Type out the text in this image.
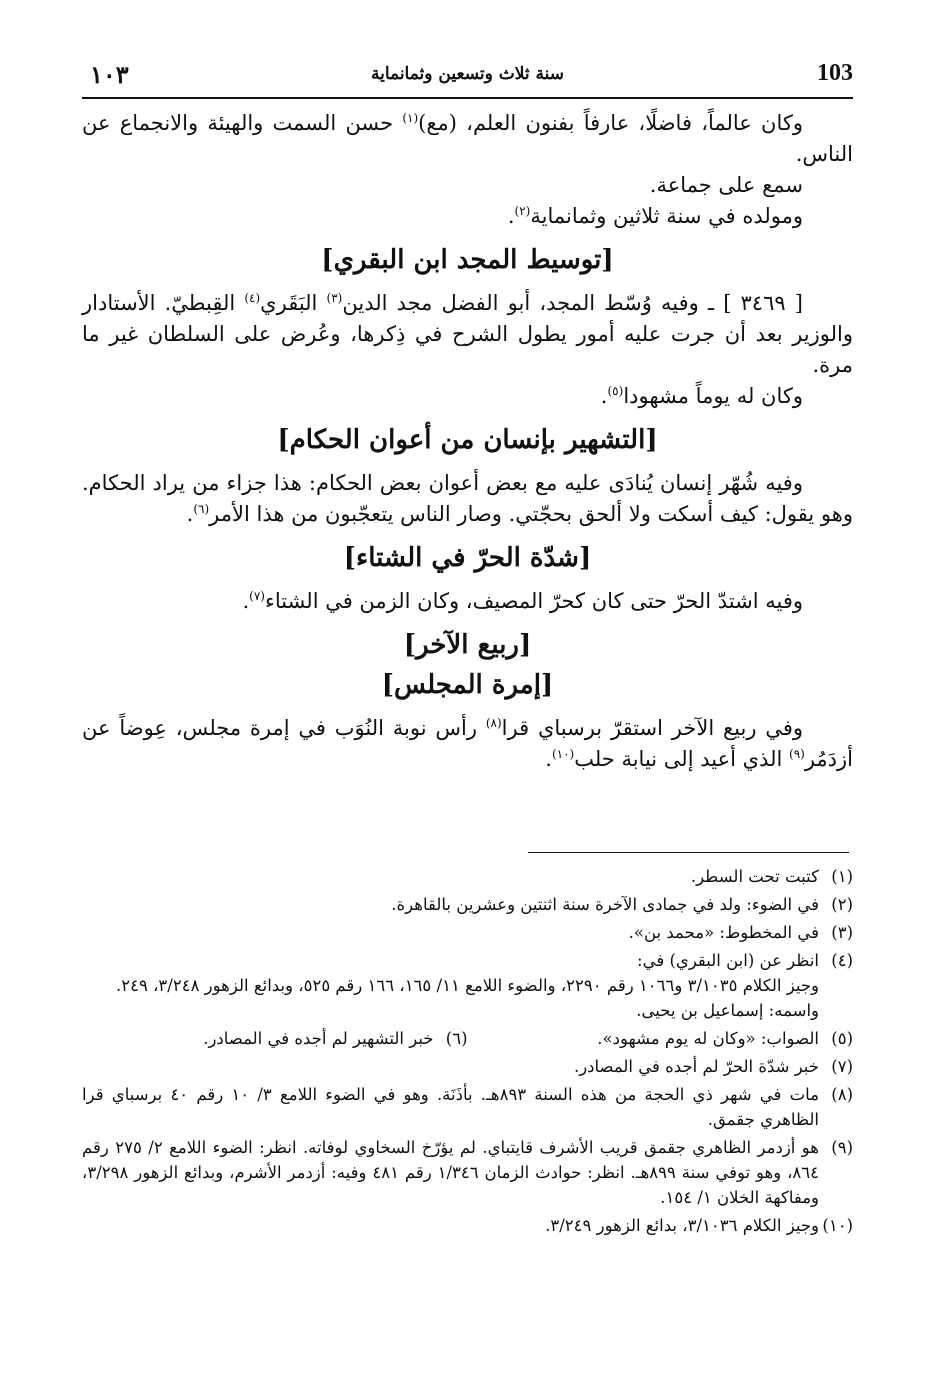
١٠٣	سنة ثلاث وتسعين وثمانماية	103

وكان عالماً، فاضلًا، عارفاً بفنون العلم، (مع)$^{(١)}$ حسن السمت والهيئة والانجماع عن الناس.

سمع على جماعة.

ومولده في سنة ثلاثين وثمانماية$^{(٢)}$.

[توسيط المجد ابن البقري]

[ ٣٤٦٩ ] ـ وفيه وُسّط المجد، أبو الفضل مجد الدين$^{(٣)}$ البَقَري$^{(٤)}$ القِبطيّ. الأستادار والوزير بعد أن جرت عليه أمور يطول الشرح في ذِكرها، وعُرض على السلطان غير ما مرة.

وكان له يوماً مشهودا$^{(٥)}$.

[التشهير بإنسان من أعوان الحكام]

وفيه شُهّر إنسان يُنادَى عليه مع بعض أعوان بعض الحكام: هذا جزاء من يراد الحكام. وهو يقول: كيف أسكت ولا ألحق بحجّتي. وصار الناس يتعجّبون من هذا الأمر$^{(٦)}$.

[شدّة الحرّ في الشتاء]

وفيه اشتدّ الحرّ حتى كان كحرّ المصيف، وكان الزمن في الشتاء$^{(٧)}$.

[ربيع الآخر]
[إمرة المجلس]

وفي ربيع الآخر استقرّ برسباي قرا$^{(٨)}$ رأس نوبة النُوَب في إمرة مجلس، عِوضاً عن أزدَمُر$^{(٩)}$ الذي أعيد إلى نيابة حلب$^{(١٠)}$.

(١)
كتبت تحت السطر.
(٢)
في الضوء: ولد في جمادى الآخرة سنة اثنتين وعشرين بالقاهرة.
(٣)
في المخطوط: «محمد بن».
(٤)
انظر عن (ابن البقري) في:
وجيز الكلام ٣/١٠٣٥ و١٠٦٦ رقم ٢٢٩٠، والضوء اللامع ١١/ ١٦٥، ١٦٦ رقم ٥٢٥، وبدائع الزهور ٣/٢٤٨، ٢٤٩.
واسمه: إسماعيل بن يحيى.
(٥)
الصواب: «وكان له يوم مشهود».
(٦)
خبر التشهير لم أجده في المصادر.
(٧)
خبر شدّة الحرّ لم أجده في المصادر.
(٨)
مات في شهر ذي الحجة من هذه السنة ٨٩٣هـ. بأذَنَة. وهو في الضوء اللامع ٣/ ١٠ رقم ٤٠ برسباي قرا الظاهري جقمق.
(٩)
هو أزدمر الظاهري جقمق قريب الأشرف قايتباي. لم يؤرّخ السخاوي لوفاته. انظر: الضوء اللامع ٢/ ٢٧٥ رقم ٨٦٤، وهو توفي سنة ٨٩٩هـ. انظر: حوادث الزمان ١/٣٤٦ رقم ٤٨١ وفيه: أزدمر الأشرم، وبدائع الزهور ٣/٢٩٨، ومفاكهة الخلان ١/ ١٥٤.
(١٠)
وجيز الكلام ٣/١٠٣٦، بدائع الزهور ٣/٢٤٩.
